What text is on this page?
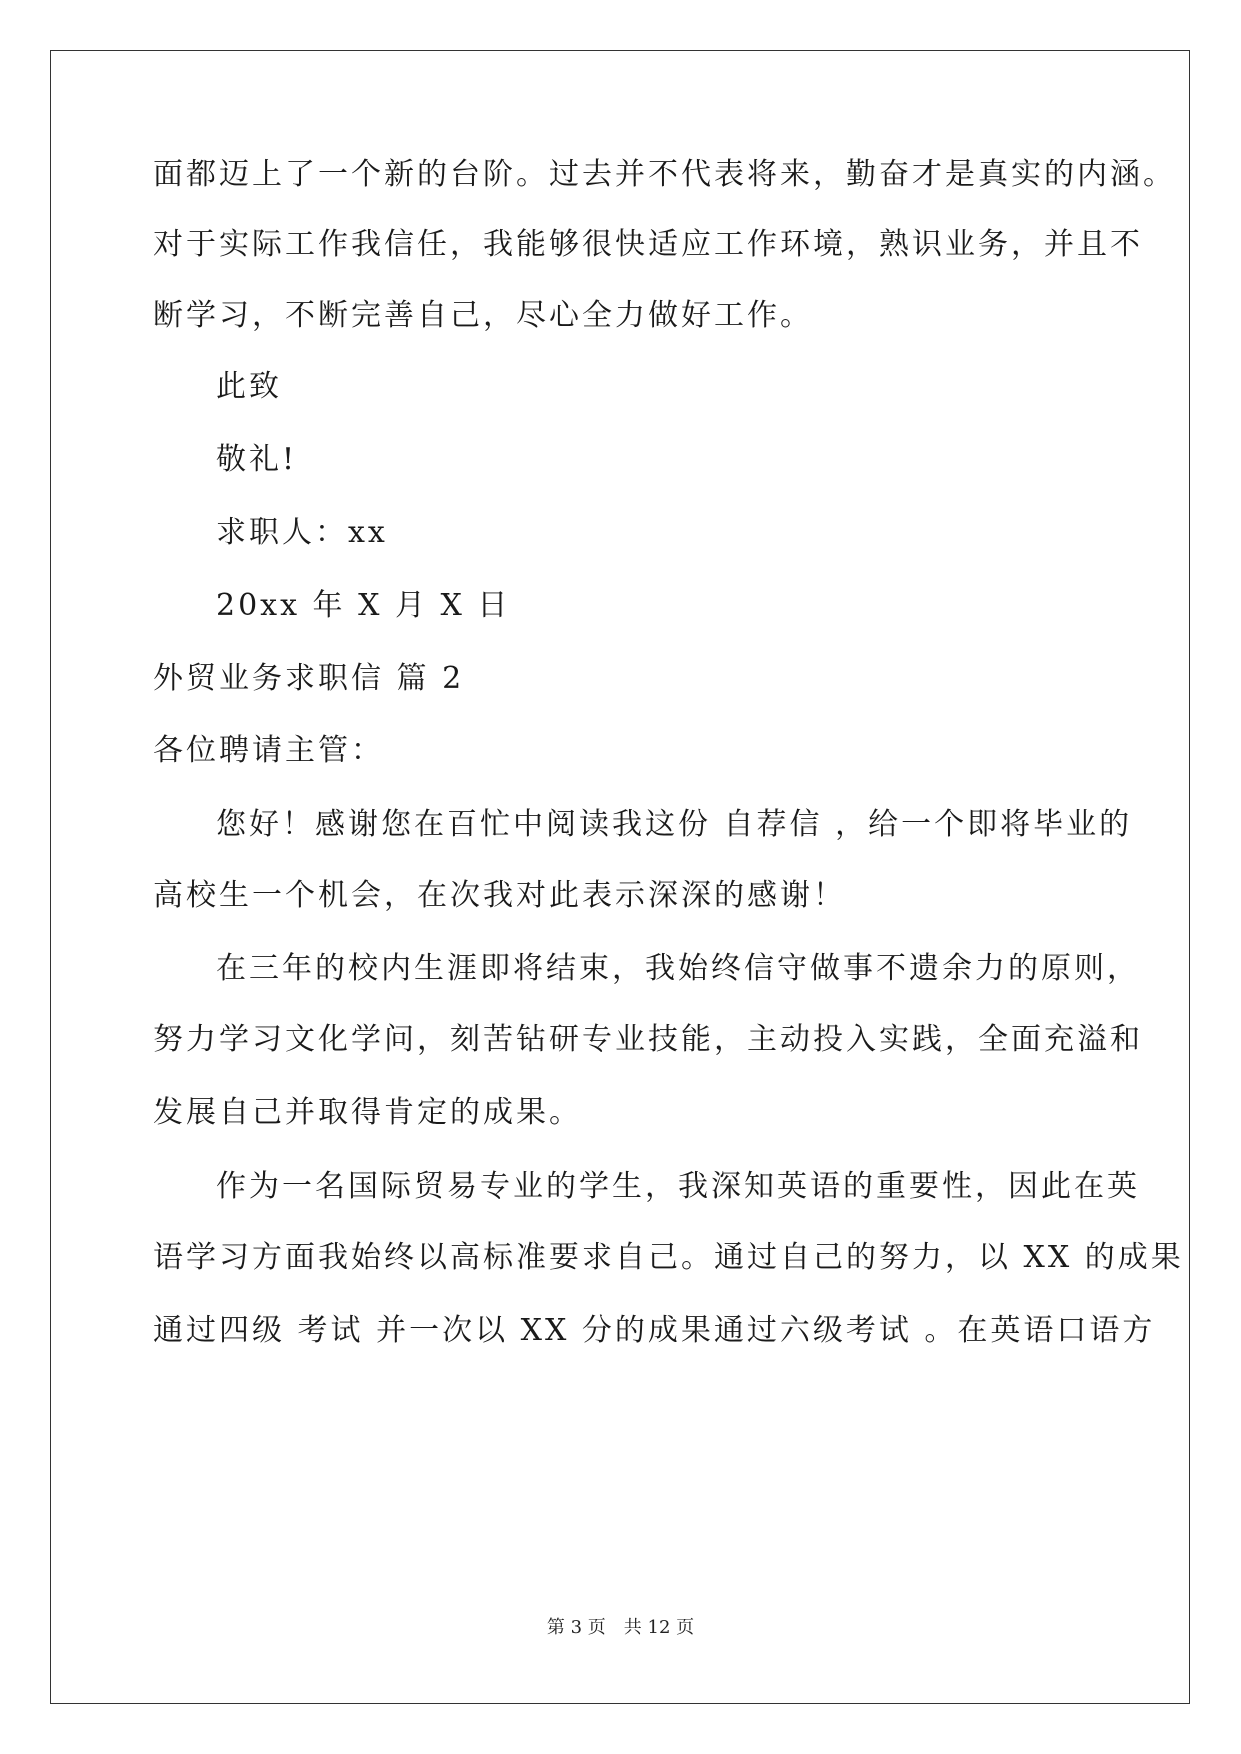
面都迈上了一个新的台阶。过去并不代表将来，勤奋才是真实的内涵。
对于实际工作我信任，我能够很快适应工作环境，熟识业务，并且不
断学习，不断完善自己，尽心全力做好工作。
此致
敬礼!
求职人：xx
20xx 年 X 月 X 日
外贸业务求职信 篇 2
各位聘请主管：
您好！感谢您在百忙中阅读我这份 自荐信 ，给一个即将毕业的
高校生一个机会，在次我对此表示深深的感谢！
在三年的校内生涯即将结束，我始终信守做事不遗余力的原则，
努力学习文化学问，刻苦钻研专业技能，主动投入实践，全面充溢和
发展自己并取得肯定的成果。
作为一名国际贸易专业的学生，我深知英语的重要性，因此在英
语学习方面我始终以高标准要求自己。通过自己的努力，以 XX 的成果
通过四级 考试 并一次以 XX 分的成果通过六级考试 。在英语口语方
第 3 页　共 12 页
